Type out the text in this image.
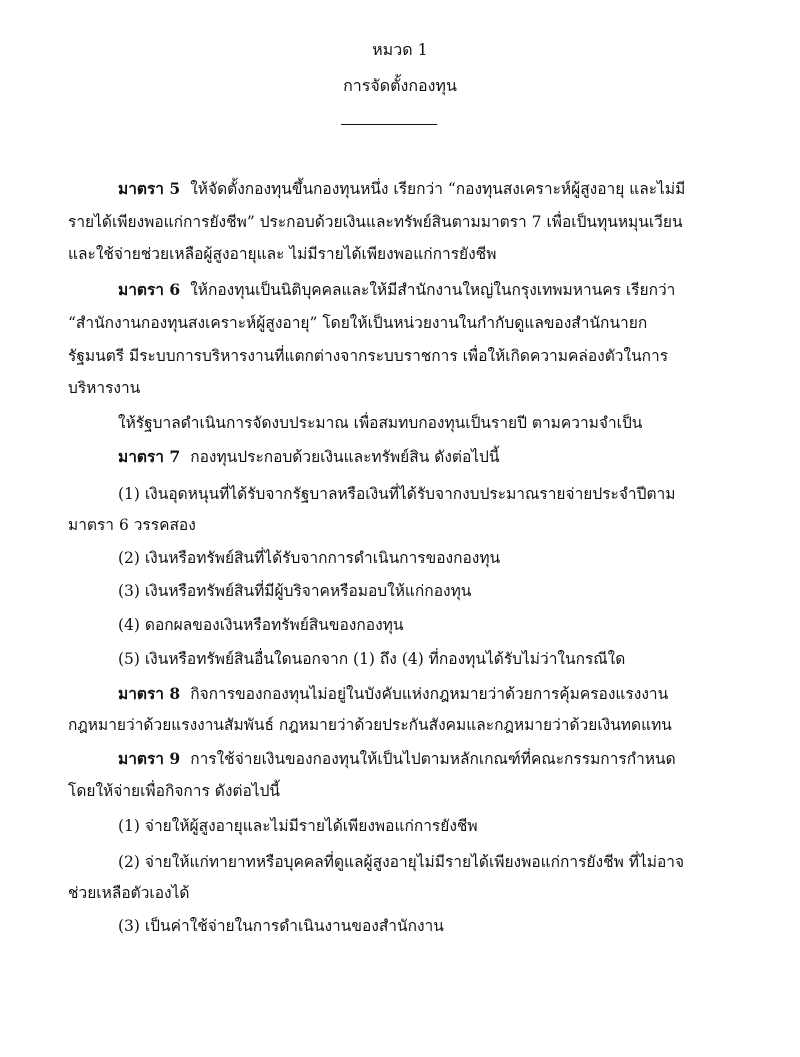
หมวด 1
การจัดตั้งกองทุน
มาตรา 5 ให้จัดตั้งกองทุนขึ้นกองทุนหนึ่ง เรียกว่า “กองทุนสงเคราะห์ผู้สูงอายุ และไม่มี
รายได้เพียงพอแก่การยังชีพ” ประกอบด้วยเงินและทรัพย์สินตามมาตรา 7 เพื่อเป็นทุนหมุนเวียน
และใช้จ่ายช่วยเหลือผู้สูงอายุและ ไม่มีรายได้เพียงพอแก่การยังชีพ
มาตรา 6 ให้กองทุนเป็นนิติบุคคลและให้มีสำนักงานใหญ่ในกรุงเทพมหานคร เรียกว่า
“สำนักงานกองทุนสงเคราะห์ผู้สูงอายุ” โดยให้เป็นหน่วยงานในกำกับดูแลของสำนักนายก
รัฐมนตรี มีระบบการบริหารงานที่แตกต่างจากระบบราชการ เพื่อให้เกิดความคล่องตัวในการ
บริหารงาน
ให้รัฐบาลดำเนินการจัดงบประมาณ เพื่อสมทบกองทุนเป็นรายปี ตามความจำเป็น
มาตรา 7 กองทุนประกอบด้วยเงินและทรัพย์สิน ดังต่อไปนี้
(1) เงินอุดหนุนที่ได้รับจากรัฐบาลหรือเงินที่ได้รับจากงบประมาณรายจ่ายประจำปีตาม
มาตรา 6 วรรคสอง
(2) เงินหรือทรัพย์สินที่ได้รับจากการดำเนินการของกองทุน
(3) เงินหรือทรัพย์สินที่มีผู้บริจาคหรือมอบให้แก่กองทุน
(4) ดอกผลของเงินหรือทรัพย์สินของกองทุน
(5) เงินหรือทรัพย์สินอื่นใดนอกจาก (1) ถึง (4) ที่กองทุนได้รับไม่ว่าในกรณีใด
มาตรา 8 กิจการของกองทุนไม่อยู่ในบังคับแห่งกฎหมายว่าด้วยการคุ้มครองแรงงาน
กฎหมายว่าด้วยแรงงานสัมพันธ์ กฎหมายว่าด้วยประกันสังคมและกฎหมายว่าด้วยเงินทดแทน
มาตรา 9 การใช้จ่ายเงินของกองทุนให้เป็นไปตามหลักเกณฑ์ที่คณะกรรมการกำหนด
โดยให้จ่ายเพื่อกิจการ ดังต่อไปนี้
(1) จ่ายให้ผู้สูงอายุและไม่มีรายได้เพียงพอแก่การยังชีพ
(2) จ่ายให้แก่ทายาทหรือบุคคลที่ดูแลผู้สูงอายุไม่มีรายได้เพียงพอแก่การยังชีพ ที่ไม่อาจ
ช่วยเหลือตัวเองได้
(3) เป็นค่าใช้จ่ายในการดำเนินงานของสำนักงาน
